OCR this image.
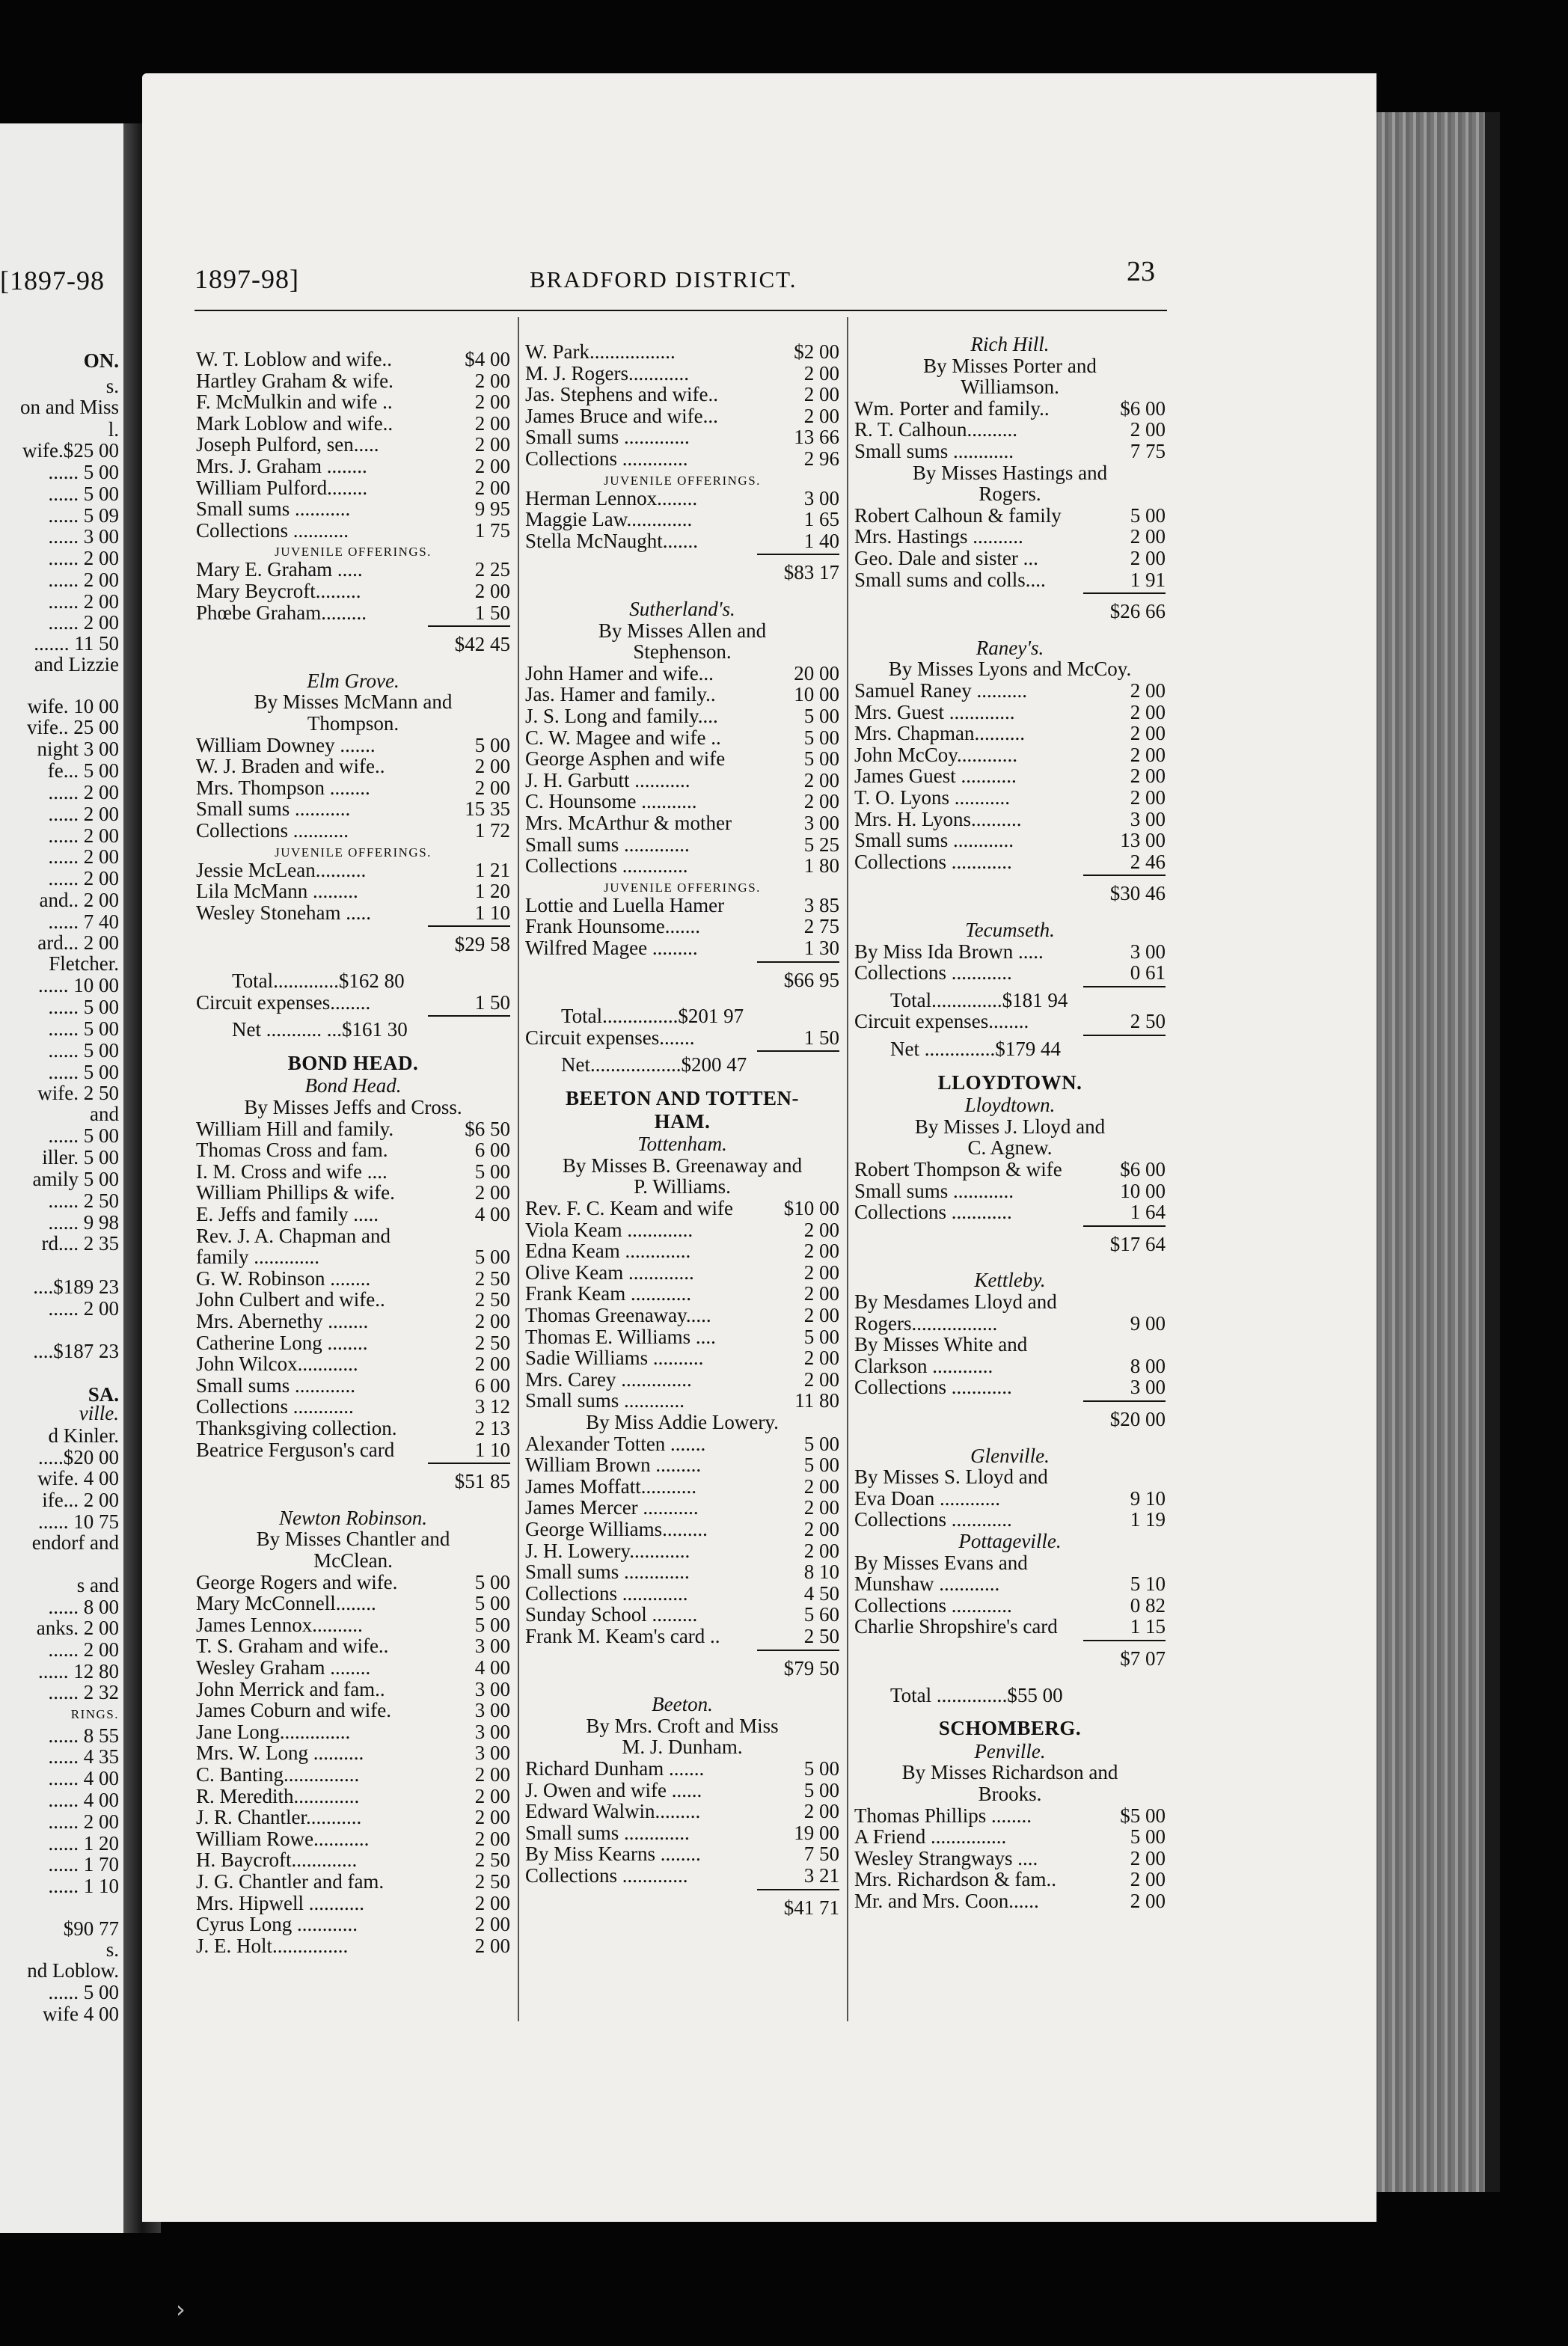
[1897-98
ON.
s.
on and Miss
l.
wife.$25 00
...... 5 00
...... 5 00
...... 5 09
...... 3 00
...... 2 00
...... 2 00
...... 2 00
...... 2 00
....... 11 50
and Lizzie
wife. 10 00
vife.. 25 00
night 3 00
fe... 5 00
...... 2 00
...... 2 00
...... 2 00
...... 2 00
...... 2 00
and.. 2 00
...... 7 40
ard... 2 00
Fletcher.
...... 10 00
...... 5 00
...... 5 00
...... 5 00
...... 5 00
wife. 2 50
and
...... 5 00
iller. 5 00
amily 5 00
...... 2 50
...... 9 98
rd.... 2 35
....$189 23
...... 2 00
....$187 23
SA.
ville.
d Kinler.
.....$20 00
wife. 4 00
ife... 2 00
...... 10 75
endorf and
s and
...... 8 00
anks. 2 00
...... 2 00
...... 12 80
...... 2 32
RINGS.
...... 8 55
...... 4 35
...... 4 00
...... 4 00
...... 2 00
...... 1 20
...... 1 70
...... 1 10
$90 77
s.
nd Loblow.
...... 5 00
wife 4 00
1897-98]	BRADFORD DISTRICT.	23
W. T. Loblow and wife..	$4 00
Hartley Graham & wife.	2 00
F. McMulkin and wife ..	2 00
Mark Loblow and wife..	2 00
Joseph Pulford, sen.....	2 00
Mrs. J. Graham ........	2 00
William Pulford........	2 00
Small sums ...........	9 95
Collections ...........	1 75
JUVENILE OFFERINGS.
Mary E. Graham .....	2 25
Mary Beycroft.........	2 00
Phœbe Graham.........	1 50
$42 45
Elm Grove.
By Misses McMann and
Thompson.
William Downey .......	5 00
W. J. Braden and wife..	2 00
Mrs. Thompson ........	2 00
Small sums ...........	15 35
Collections ...........	1 72
JUVENILE OFFERINGS.
Jessie McLean..........	1 21
Lila McMann .........	1 20
Wesley Stoneham .....	1 10
$29 58
Total.............$162 80
Circuit expenses........	1 50
Net ........... ...$161 30
BOND HEAD.
Bond Head.
By Misses Jeffs and Cross.
William Hill and family.	$6 50
Thomas Cross and fam.	6 00
I. M. Cross and wife ....	5 00
William Phillips & wife.	2 00
E. Jeffs and family .....	4 00
Rev. J. A. Chapman and
family .............	5 00
G. W. Robinson ........	2 50
John Culbert and wife..	2 50
Mrs. Abernethy ........	2 00
Catherine Long ........	2 50
John Wilcox............	2 00
Small sums ............	6 00
Collections ............	3 12
Thanksgiving collection.	2 13
Beatrice Ferguson's card	1 10
$51 85
Newton Robinson.
By Misses Chantler and
McClean.
George Rogers and wife.	5 00
Mary McConnell........	5 00
James Lennox..........	5 00
T. S. Graham and wife..	3 00
Wesley Graham ........	4 00
John Merrick and fam..	3 00
James Coburn and wife.	3 00
Jane Long..............	3 00
Mrs. W. Long ..........	3 00
C. Banting...............	2 00
R. Meredith.............	2 00
J. R. Chantler...........	2 00
William Rowe...........	2 00
H. Baycroft.............	2 50
J. G. Chantler and fam.	2 50
Mrs. Hipwell ...........	2 00
Cyrus Long ............	2 00
J. E. Holt...............	2 00
W. Park.................	$2 00
M. J. Rogers............	2 00
Jas. Stephens and wife..	2 00
James Bruce and wife...	2 00
Small sums .............	13 66
Collections .............	2 96
JUVENILE OFFERINGS.
Herman Lennox........	3 00
Maggie Law.............	1 65
Stella McNaught.......	1 40
$83 17
Sutherland's.
By Misses Allen and
Stephenson.
John Hamer and wife...	20 00
Jas. Hamer and family..	10 00
J. S. Long and family....	5 00
C. W. Magee and wife ..	5 00
George Asphen and wife	5 00
J. H. Garbutt ...........	2 00
C. Hounsome ...........	2 00
Mrs. McArthur & mother	3 00
Small sums .............	5 25
Collections .............	1 80
JUVENILE OFFERINGS.
Lottie and Luella Hamer	3 85
Frank Hounsome.......	2 75
Wilfred Magee .........	1 30
$66 95
Total...............$201 97
Circuit expenses.......	1 50
Net..................$200 47
BEETON AND TOTTEN-
HAM.
Tottenham.
By Misses B. Greenaway and
P. Williams.
Rev. F. C. Keam and wife	$10 00
Viola Keam .............	2 00
Edna Keam .............	2 00
Olive Keam .............	2 00
Frank Keam ............	2 00
Thomas Greenaway.....	2 00
Thomas E. Williams ....	5 00
Sadie Williams ..........	2 00
Mrs. Carey ..............	2 00
Small sums ............	11 80
By Miss Addie Lowery.
Alexander Totten .......	5 00
William Brown .........	5 00
James Moffatt...........	2 00
James Mercer ...........	2 00
George Williams.........	2 00
J. H. Lowery............	2 00
Small sums .............	8 10
Collections .............	4 50
Sunday School .........	5 60
Frank M. Keam's card ..	2 50
$79 50
Beeton.
By Mrs. Croft and Miss
M. J. Dunham.
Richard Dunham .......	5 00
J. Owen and wife ......	5 00
Edward Walwin.........	2 00
Small sums .............	19 00
By Miss Kearns ........	7 50
Collections .............	3 21
$41 71
Rich Hill.
By Misses Porter and
Williamson.
Wm. Porter and family..	$6 00
R. T. Calhoun..........	2 00
Small sums ............	7 75
By Misses Hastings and
Rogers.
Robert Calhoun & family	5 00
Mrs. Hastings ..........	2 00
Geo. Dale and sister ...	2 00
Small sums and colls....	1 91
$26 66
Raney's.
By Misses Lyons and McCoy.
Samuel Raney ..........	2 00
Mrs. Guest .............	2 00
Mrs. Chapman..........	2 00
John McCoy............	2 00
James Guest ...........	2 00
T. O. Lyons ...........	2 00
Mrs. H. Lyons..........	3 00
Small sums ............	13 00
Collections ............	2 46
$30 46
Tecumseth.
By Miss Ida Brown .....	3 00
Collections ............	0 61
Total..............$181 94
Circuit expenses........	2 50
Net ..............$179 44
LLOYDTOWN.
Lloydtown.
By Misses J. Lloyd and
C. Agnew.
Robert Thompson & wife	$6 00
Small sums ............	10 00
Collections ............	1 64
$17 64
Kettleby.
By Mesdames Lloyd and
Rogers.................	9 00
By Misses White and
Clarkson ............	8 00
Collections ............	3 00
$20 00
Glenville.
By Misses S. Lloyd and
Eva Doan ............	9 10
Collections ............	1 19
Pottageville.
By Misses Evans and
Munshaw ............	5 10
Collections ............	0 82
Charlie Shropshire's card	1 15
$7 07
Total ..............$55 00
SCHOMBERG.
Penville.
By Misses Richardson and
Brooks.
Thomas Phillips ........	$5 00
A Friend ...............	5 00
Wesley Strangways ....	2 00
Mrs. Richardson & fam..	2 00
Mr. and Mrs. Coon......	2 00
›
